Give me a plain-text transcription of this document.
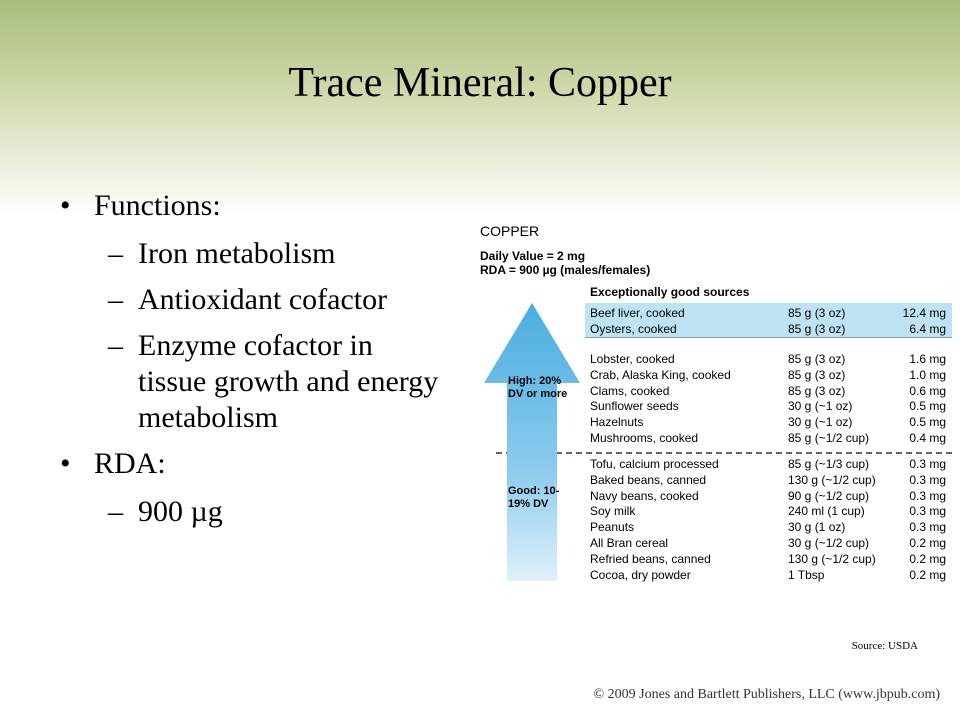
Trace Mineral: Copper
• Functions:
– Iron metabolism
– Antioxidant cofactor
– Enzyme cofactor in tissue growth and energy metabolism
• RDA:
– 900 µg
COPPER
Daily Value = 2 mg
RDA = 900 µg (males/females)
Exceptionally good sources
High: 20% DV or more
Good: 10-19% DV
Beef liver, cooked	85 g (3 oz)	12.4 mg
Oysters, cooked	85 g (3 oz)	6.4 mg
Lobster, cooked	85 g (3 oz)	1.6 mg
Crab, Alaska King, cooked	85 g (3 oz)	1.0 mg
Clams, cooked	85 g (3 oz)	0.6 mg
Sunflower seeds	30 g (~1 oz)	0.5 mg
Hazelnuts	30 g (~1 oz)	0.5 mg
Mushrooms, cooked	85 g (~1/2 cup)	0.4 mg
Tofu, calcium processed	85 g (~1/3 cup)	0.3 mg
Baked beans, canned	130 g (~1/2 cup)	0.3 mg
Navy beans, cooked	90 g (~1/2 cup)	0.3 mg
Soy milk	240 ml (1 cup)	0.3 mg
Peanuts	30 g (1 oz)	0.3 mg
All Bran cereal	30 g (~1/2 cup)	0.2 mg
Refried beans, canned	130 g (~1/2 cup)	0.2 mg
Cocoa, dry powder	1 Tbsp	0.2 mg
Source: USDA
© 2009 Jones and Bartlett Publishers, LLC (www.jbpub.com)
